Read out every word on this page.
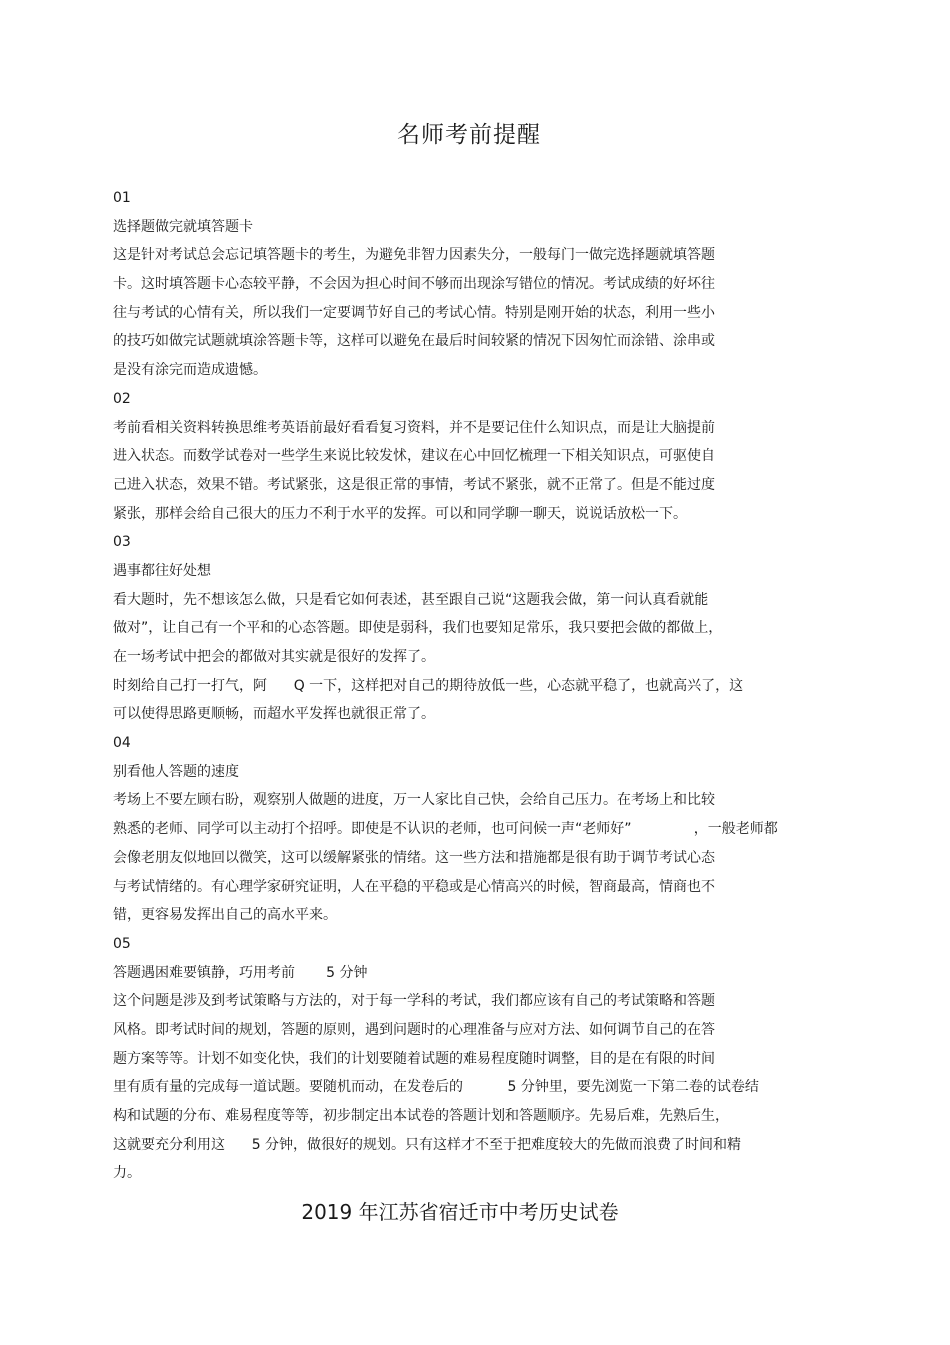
名师考前提醒

01

选择题做完就填答题卡

这是针对考试总会忘记填答题卡的考生，为避免非智力因素失分，一般每门一做完选择题就填答题

卡。这时填答题卡心态较平静，不会因为担心时间不够而出现涂写错位的情况。考试成绩的好坏往

往与考试的心情有关，所以我们一定要调节好自己的考试心情。特别是刚开始的状态，利用一些小

的技巧如做完试题就填涂答题卡等，这样可以避免在最后时间较紧的情况下因匆忙而涂错、涂串或

是没有涂完而造成遗憾。

02

考前看相关资料转换思维考英语前最好看看复习资料，并不是要记住什么知识点，而是让大脑提前

进入状态。而数学试卷对一些学生来说比较发怵，建议在心中回忆梳理一下相关知识点，可驱使自

己进入状态，效果不错。考试紧张，这是很正常的事情，考试不紧张，就不正常了。但是不能过度

紧张，那样会给自己很大的压力不利于水平的发挥。可以和同学聊一聊天，说说话放松一下。

03

遇事都往好处想

看大题时，先不想该怎么做，只是看它如何表述，甚至跟自己说“这题我会做，第一问认真看就能

做对”，让自己有一个平和的心态答题。即使是弱科，我们也要知足常乐，我只要把会做的都做上，

在一场考试中把会的都做对其实就是很好的发挥了。

时刻给自己打一打气，阿      Q 一下，这样把对自己的期待放低一些，心态就平稳了，也就高兴了，这

可以使得思路更顺畅，而超水平发挥也就很正常了。

04

别看他人答题的速度

考场上不要左顾右盼，观察别人做题的进度，万一人家比自己快，会给自己压力。在考场上和比较

熟悉的老师、同学可以主动打个招呼。即使是不认识的老师，也可问候一声“老师好”              ，一般老师都

会像老朋友似地回以微笑，这可以缓解紧张的情绪。这一些方法和措施都是很有助于调节考试心态

与考试情绪的。有心理学家研究证明，人在平稳的平稳或是心情高兴的时候，智商最高，情商也不

错，更容易发挥出自己的高水平来。

05

答题遇困难要镇静，巧用考前       5 分钟

这个问题是涉及到考试策略与方法的，对于每一学科的考试，我们都应该有自己的考试策略和答题

风格。即考试时间的规划，答题的原则，遇到问题时的心理准备与应对方法、如何调节自己的在答

题方案等等。计划不如变化快，我们的计划要随着试题的难易程度随时调整，目的是在有限的时间

里有质有量的完成每一道试题。要随机而动，在发卷后的          5 分钟里，要先浏览一下第二卷的试卷结

构和试题的分布、难易程度等等，初步制定出本试卷的答题计划和答题顺序。先易后难，先熟后生，

这就要充分利用这      5 分钟，做很好的规划。只有这样才不至于把难度较大的先做而浪费了时间和精

力。

2019 年江苏省宿迁市中考历史试卷
